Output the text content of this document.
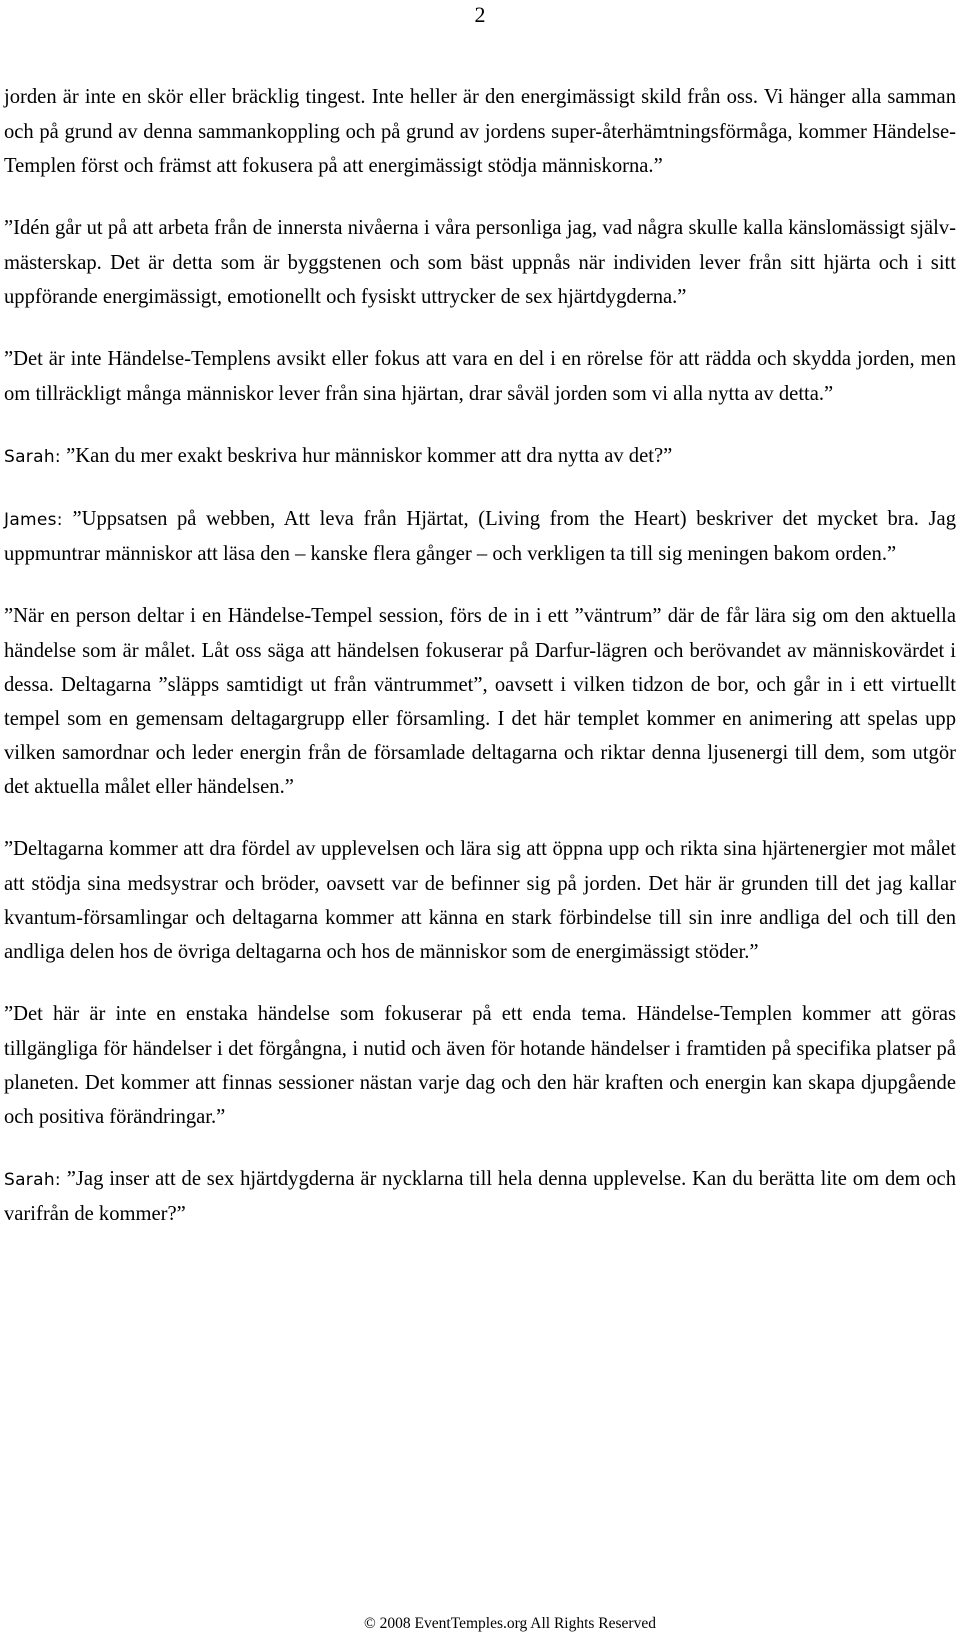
2

jorden är inte en skör eller bräcklig tingest. Inte heller är den energimässigt skild från oss. Vi hänger alla samman och på grund av denna sammankoppling och på grund av jordens super-återhämtningsförmåga, kommer Händelse-Templen först och främst att fokusera på att energimässigt stödja människorna.”

”Idén går ut på att arbeta från de innersta nivåerna i våra personliga jag, vad några skulle kalla känslomässigt själv-mästerskap. Det är detta som är byggstenen och som bäst uppnås när individen lever från sitt hjärta och i sitt uppförande energimässigt, emotionellt och fysiskt uttrycker de sex hjärtdygderna.”

”Det är inte Händelse-Templens avsikt eller fokus att vara en del i en rörelse för att rädda och skydda jorden, men om tillräckligt många människor lever från sina hjärtan, drar såväl jorden som vi alla nytta av detta.”

Sarah: ”Kan du mer exakt beskriva hur människor kommer att dra nytta av det?”

James: ”Uppsatsen på webben, Att leva från Hjärtat, (Living from the Heart) beskriver det mycket bra. Jag uppmuntrar människor att läsa den – kanske flera gånger – och verkligen ta till sig meningen bakom orden.”

”När en person deltar i en Händelse-Tempel session, förs de in i ett ”väntrum” där de får lära sig om den aktuella händelse som är målet. Låt oss säga att händelsen fokuserar på Darfur-lägren och berövandet av människovärdet i dessa. Deltagarna ”släpps samtidigt ut från väntrummet”, oavsett i vilken tidzon de bor, och går in i ett virtuellt tempel som en gemensam deltagargrupp eller församling. I det här templet kommer en animering att spelas upp vilken samordnar och leder energin från de församlade deltagarna och riktar denna ljusenergi till dem, som utgör det aktuella målet eller händelsen.”

”Deltagarna kommer att dra fördel av upplevelsen och lära sig att öppna upp och rikta sina hjärtenergier mot målet att stödja sina medsystrar och bröder, oavsett var de befinner sig på jorden. Det här är grunden till det jag kallar kvantum-församlingar och deltagarna kommer att känna en stark förbindelse till sin inre andliga del och till den andliga delen hos de övriga deltagarna och hos de människor som de energimässigt stöder.”

”Det här är inte en enstaka händelse som fokuserar på ett enda tema. Händelse-Templen kommer att göras tillgängliga för händelser i det förgångna, i nutid och även för hotande händelser i framtiden på specifika platser på planeten. Det kommer att finnas sessioner nästan varje dag och den här kraften och energin kan skapa djupgående och positiva förändringar.”

Sarah: ”Jag inser att de sex hjärtdygderna är nycklarna till hela denna upplevelse. Kan du berätta lite om dem och varifrån de kommer?”

© 2008 EventTemples.org All Rights Reserved
